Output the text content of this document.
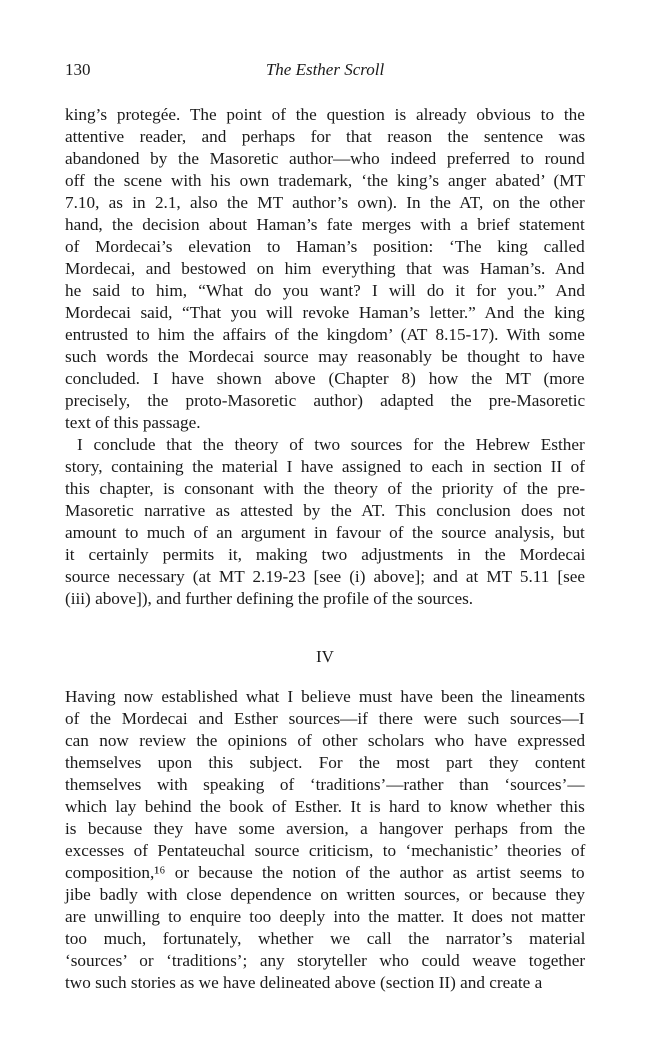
130	The Esther Scroll
king’s protegée. The point of the question is already obvious to the
attentive reader, and perhaps for that reason the sentence was
abandoned by the Masoretic author—who indeed preferred to round
off the scene with his own trademark, ‘the king’s anger abated’ (MT
7.10, as in 2.1, also the MT author’s own). In the AT, on the other
hand, the decision about Haman’s fate merges with a brief statement
of Mordecai’s elevation to Haman’s position: ‘The king called
Mordecai, and bestowed on him everything that was Haman’s. And
he said to him, “What do you want? I will do it for you.” And
Mordecai said, “That you will revoke Haman’s letter.” And the king
entrusted to him the affairs of the kingdom’ (AT 8.15-17). With some
such words the Mordecai source may reasonably be thought to have
concluded. I have shown above (Chapter 8) how the MT (more
precisely, the proto-Masoretic author) adapted the pre-Masoretic
text of this passage.
I conclude that the theory of two sources for the Hebrew Esther
story, containing the material I have assigned to each in section II of
this chapter, is consonant with the theory of the priority of the pre-
Masoretic narrative as attested by the AT. This conclusion does not
amount to much of an argument in favour of the source analysis, but
it certainly permits it, making two adjustments in the Mordecai
source necessary (at MT 2.19-23 [see (i) above]; and at MT 5.11 [see
(iii) above]), and further defining the profile of the sources.
IV
Having now established what I believe must have been the lineaments
of the Mordecai and Esther sources—if there were such sources—I
can now review the opinions of other scholars who have expressed
themselves upon this subject. For the most part they content
themselves with speaking of ‘traditions’—rather than ‘sources’—
which lay behind the book of Esther. It is hard to know whether this
is because they have some aversion, a hangover perhaps from the
excesses of Pentateuchal source criticism, to ‘mechanistic’ theories of
composition,¹⁶ or because the notion of the author as artist seems to
jibe badly with close dependence on written sources, or because they
are unwilling to enquire too deeply into the matter. It does not matter
too much, fortunately, whether we call the narrator’s material
‘sources’ or ‘traditions’; any storyteller who could weave together
two such stories as we have delineated above (section II) and create a
